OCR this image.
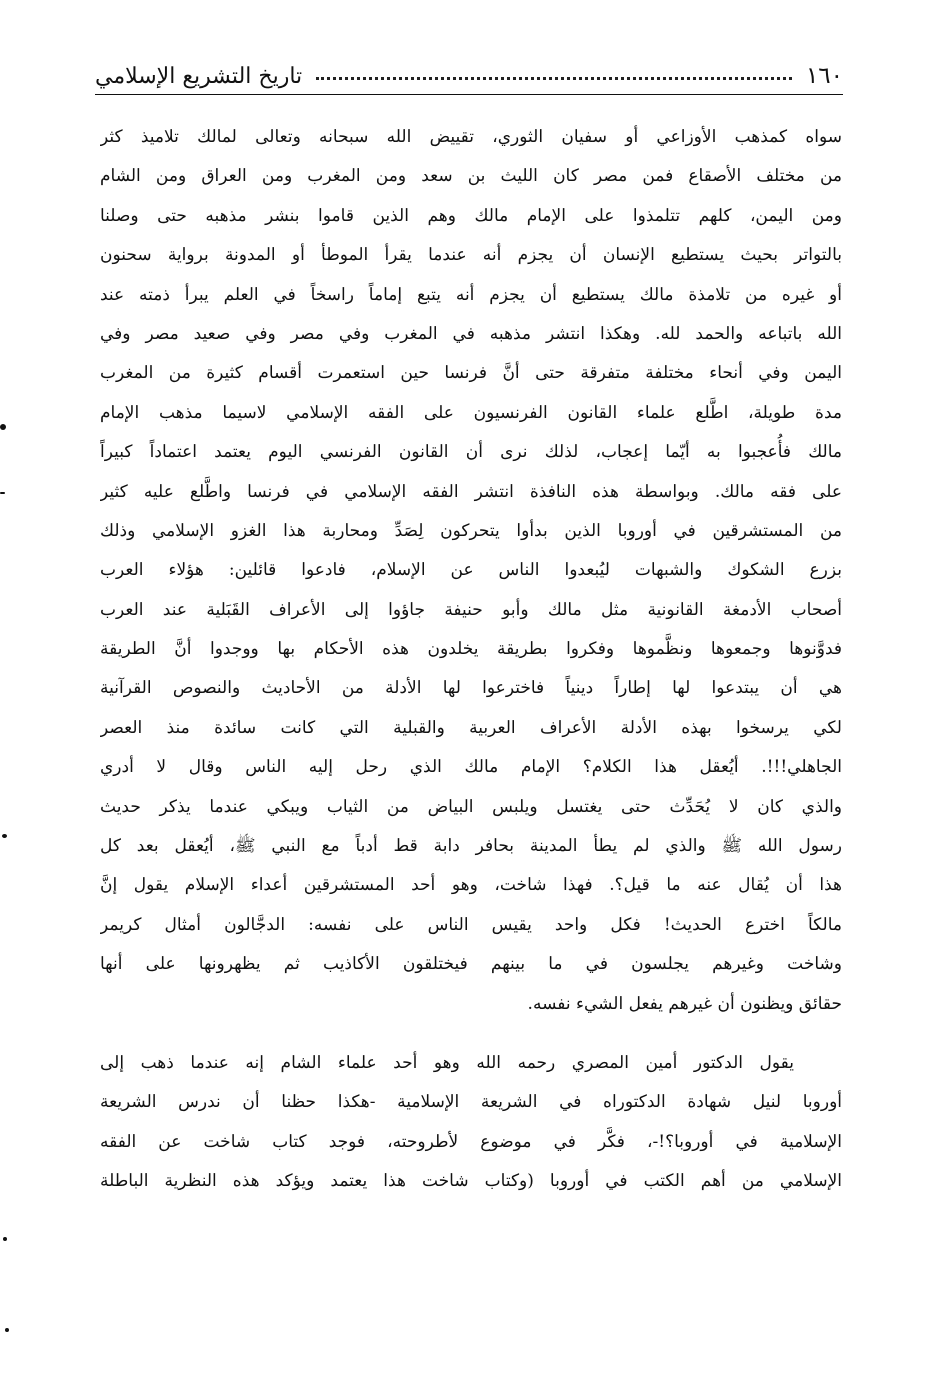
١٦٠
تاريخ التشريع الإسلامي
سواه كمذهب الأوزاعي أو سفيان الثوري، تقييض الله سبحانه وتعالى لمالك تلاميذ كثر
من مختلف الأصقاع فمن مصر كان الليث بن سعد ومن المغرب ومن العراق ومن الشام
ومن اليمن، كلهم تتلمذوا على الإمام مالك وهم الذين قاموا بنشر مذهبه حتى وصلنا
بالتواتر بحيث يستطيع الإنسان أن يجزم أنه عندما يقرأ الموطأ أو المدونة برواية سحنون
أو غيره من تلامذة مالك يستطيع أن يجزم أنه يتبع إماماً راسخاً في العلم يبرأ ذمته عند
الله باتباعه والحمد لله. وهكذا انتشر مذهبه في المغرب وفي مصر وفي صعيد مصر وفي
اليمن وفي أنحاء مختلفة متفرقة حتى أنَّ فرنسا حين استعمرت أقسام كثيرة من المغرب
مدة طويلة، اطَّلع علماء القانون الفرنسيون على الفقه الإسلامي لاسيما مذهب الإمام
مالك فأُعجبوا به أيّما إعجاب، لذلك نرى أن القانون الفرنسي اليوم يعتمد اعتماداً كبيراً
على فقه مالك. وبواسطة هذه النافذة انتشر الفقه الإسلامي في فرنسا واطَّلع عليه كثير
من المستشرقين في أوروبا الذين بدأوا يتحركون لِصَدِّ ومحاربة هذا الغزو الإسلامي وذلك
بزرع الشكوك والشبهات ليُبعدوا الناس عن الإسلام، فادعوا قائلين: هؤلاء العرب
أصحاب الأدمغة القانونية مثل مالك وأبو حنيفة جاؤوا إلى الأعراف القَبَلية عند العرب
فدوَّنوها وجمعوها ونظَّموها وفكروا بطريقة يخلدون هذه الأحكام بها ووجدوا أنَّ الطريقة
هي أن يبتدعوا لها إطاراً دينياً فاخترعوا لها الأدلة من الأحاديث والنصوص القرآنية
لكي يرسخوا بهذه الأدلة الأعراف العربية والقبلية التي كانت سائدة منذ العصر
الجاهلي!!!. أيُعقل هذا الكلام؟ الإمام مالك الذي رحل إليه الناس وقال لا أدري
والذي كان لا يُحَدِّث حتى يغتسل ويلبس البياض من الثياب ويبكي عندما يذكر حديث
رسول الله ﷺ والذي لم يطأ المدينة بحافر دابة قط أدباً مع النبي ﷺ، أيُعقل بعد كل
هذا أن يُقال عنه ما قيل؟. فهذا شاخت، وهو أحد المستشرقين أعداء الإسلام يقول إنَّ
مالكاً اخترع الحديث! فكل واحد يقيس الناس على نفسه: الدجَّالون أمثال كريمر
وشاخت وغيرهم يجلسون في ما بينهم فيختلقون الأكاذيب ثم يظهرونها على أنها
حقائق ويظنون أن غيرهم يفعل الشيء نفسه.
يقول الدكتور أمين المصري رحمه الله وهو أحد علماء الشام إنه عندما ذهب إلى
أوروبا لنيل شهادة الدكتوراه في الشريعة الإسلامية -هكذا حظنا أن ندرس الشريعة
الإسلامية في أوروبا؟!-، فكَّر في موضوع لأطروحته، فوجد كتاب شاخت عن الفقه
الإسلامي من أهم الكتب في أوروبا (وكتاب شاخت هذا يعتمد ويؤكد هذه النظرية الباطلة
